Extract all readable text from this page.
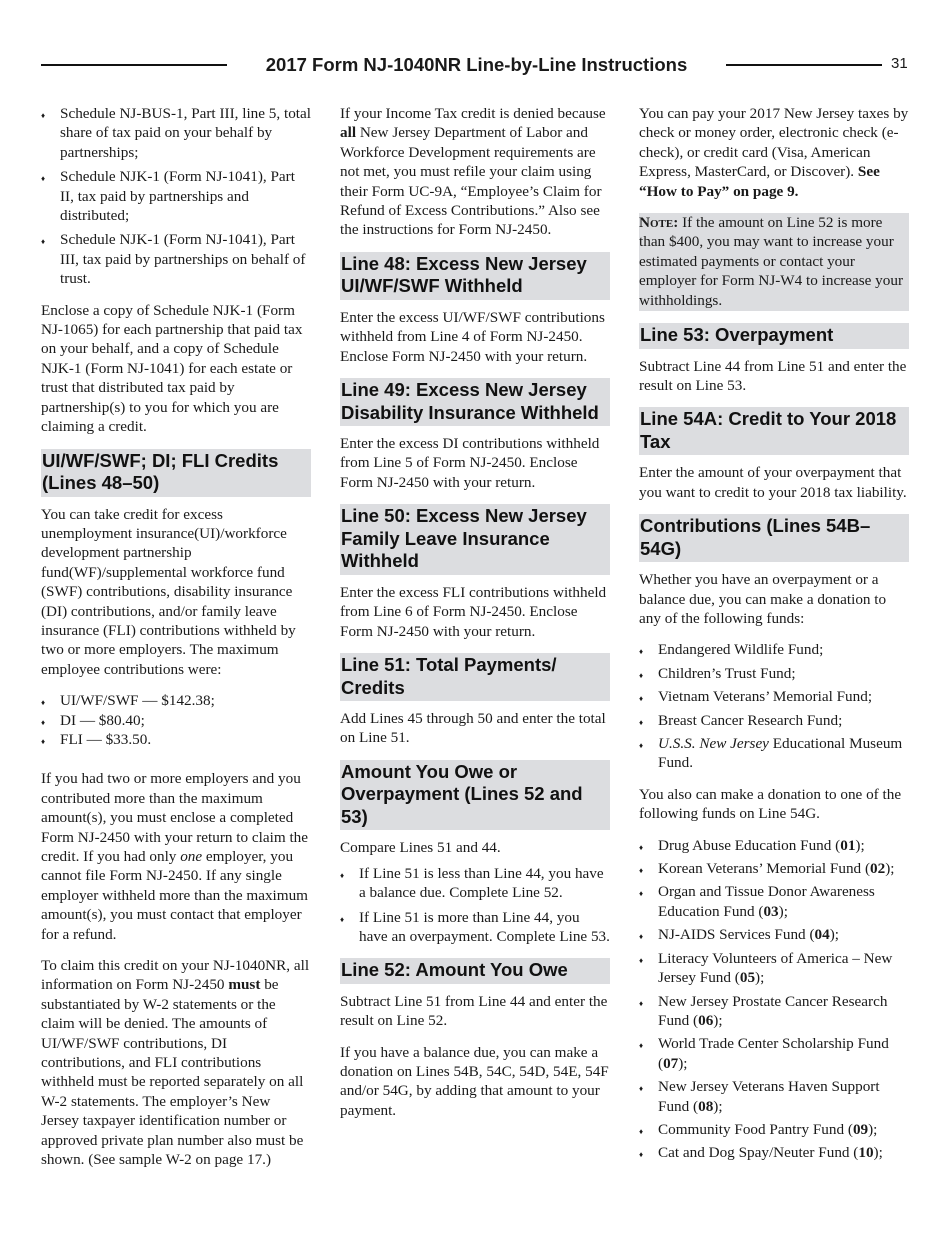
2017 Form NJ-1040NR Line-by-Line Instructions	31
♦ Schedule NJ-BUS-1, Part III, line 5, total share of tax paid on your behalf by partnerships;
♦ Schedule NJK-1 (Form NJ-1041), Part II, tax paid by partnerships and distributed;
♦ Schedule NJK-1 (Form NJ-1041), Part III, tax paid by partnerships on behalf of trust.

Enclose a copy of Schedule NJK-1 (Form NJ-1065) for each partnership that paid tax on your behalf, and a copy of Schedule NJK-1 (Form NJ-1041) for each estate or trust that distributed tax paid by partnership(s) to you for which you are claiming a credit.

UI/WF/SWF; DI; FLI Credits (Lines 48–50)

You can take credit for excess unemployment insurance(UI)/workforce development partnership fund(WF)/supplemental workforce fund (SWF) contributions, disability insurance (DI) contributions, and/or family leave insurance (FLI) contributions withheld by two or more employers. The maximum employee contributions were:

♦ UI/WF/SWF — $142.38;
♦ DI — $80.40;
♦ FLI — $33.50.

If you had two or more employers and you contributed more than the maximum amount(s), you must enclose a completed Form NJ-2450 with your return to claim the credit. If you had only one employer, you cannot file Form NJ-2450. If any single employer withheld more than the maximum amount(s), you must contact that employer for a refund.

To claim this credit on your NJ-1040NR, all information on Form NJ-2450 must be substantiated by W-2 statements or the claim will be denied. The amounts of UI/WF/SWF contributions, DI contributions, and FLI contributions withheld must be reported separately on all W-2 statements. The employer’s New Jersey taxpayer identification number or approved private plan number also must be shown. (See sample W-2 on page 17.)

If your Income Tax credit is denied because all New Jersey Department of Labor and Workforce Development requirements are not met, you must refile your claim using their Form UC-9A, “Employee’s Claim for Refund of Excess Contributions.” Also see the instructions for Form NJ-2450.

Line 48: Excess New Jersey UI/WF/SWF Withheld

Enter the excess UI/WF/SWF contributions withheld from Line 4 of Form NJ-2450. Enclose Form NJ-2450 with your return.

Line 49: Excess New Jersey Disability Insurance Withheld

Enter the excess DI contributions withheld from Line 5 of Form NJ-2450. Enclose Form NJ-2450 with your return.

Line 50: Excess New Jersey Family Leave Insurance Withheld

Enter the excess FLI contributions withheld from Line 6 of Form NJ-2450. Enclose Form NJ-2450 with your return.

Line 51: Total Payments/ Credits

Add Lines 45 through 50 and enter the total on Line 51.

Amount You Owe or Overpayment (Lines 52 and 53)

Compare Lines 51 and 44.

♦ If Line 51 is less than Line 44, you have a balance due. Complete Line 52.
♦ If Line 51 is more than Line 44, you have an overpayment. Complete Line 53.
Line 52: Amount You Owe

Subtract Line 51 from Line 44 and enter the result on Line 52.

If you have a balance due, you can make a donation on Lines 54B, 54C, 54D, 54E, 54F and/or 54G, by adding that amount to your payment.

You can pay your 2017 New Jersey taxes by check or money order, electronic check (e-check), or credit card (Visa, American Express, MasterCard, or Discover). See “How to Pay” on page 9.

Note: If the amount on Line 52 is more than $400, you may want to increase your estimated payments or contact your employer for Form NJ-W4 to increase your withholdings.
Line 53: Overpayment

Subtract Line 44 from Line 51 and enter the result on Line 53.

Line 54A: Credit to Your 2018 Tax

Enter the amount of your overpayment that you want to credit to your 2018 tax liability.

Contributions (Lines 54B–54G)

Whether you have an overpayment or a balance due, you can make a donation to any of the following funds:

♦ Endangered Wildlife Fund;
♦ Children’s Trust Fund;
♦ Vietnam Veterans’ Memorial Fund;
♦ Breast Cancer Research Fund;
♦ U.S.S. New Jersey Educational Museum Fund.

You also can make a donation to one of the following funds on Line 54G.

♦ Drug Abuse Education Fund (01);
♦ Korean Veterans’ Memorial Fund (02);
♦ Organ and Tissue Donor Awareness Education Fund (03);
♦ NJ-AIDS Services Fund (04);
♦ Literacy Volunteers of America – New Jersey Fund (05);
♦ New Jersey Prostate Cancer Research Fund (06);
♦ World Trade Center Scholarship Fund (07);
♦ New Jersey Veterans Haven Support Fund (08);
♦ Community Food Pantry Fund (09);
♦ Cat and Dog Spay/Neuter Fund (10);
